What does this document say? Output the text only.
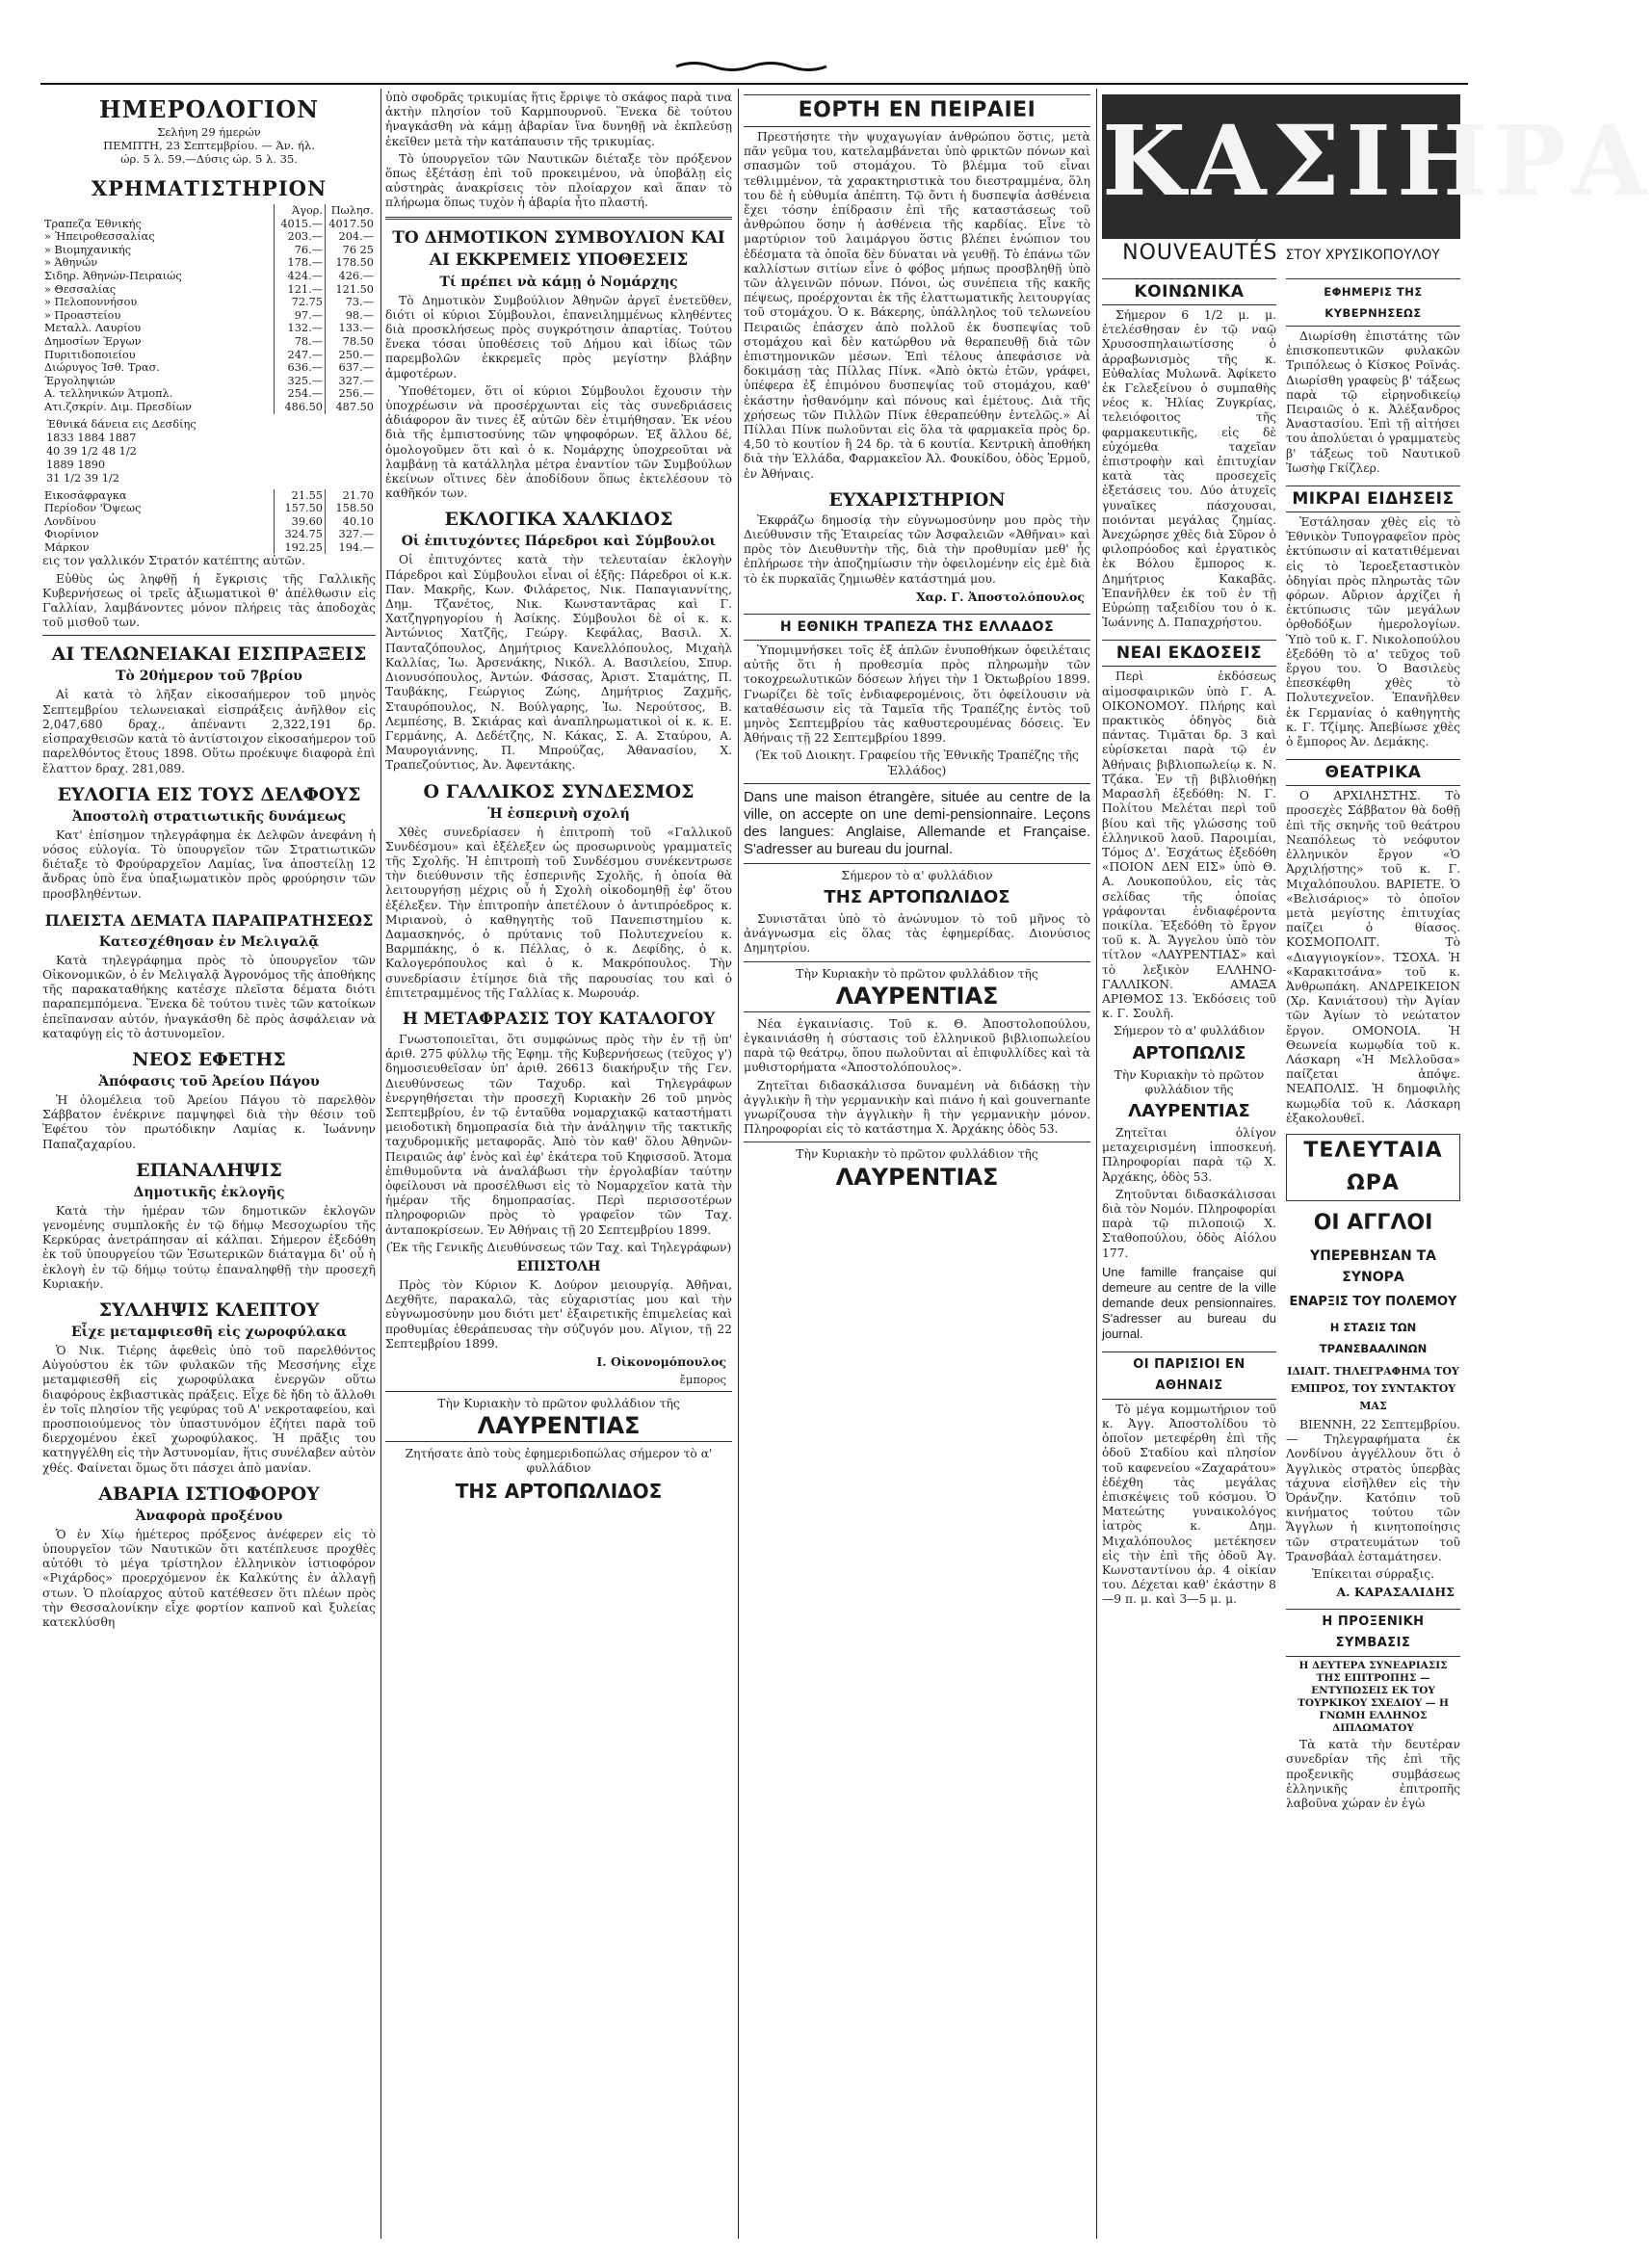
ΗΜΕΡΟΛΟΓΙΟΝ

Σελήνη 29 ήμερών

ΠΕΜΠΤΗ, 23 Σεπτεμβρίου. — Άν. ήλ.

ώρ. 5 λ. 59.—Δύσις ώρ. 5 λ. 35.

ΧΡΗΜΑΤΙΣΤΗΡΙΟΝ
	Άγορ.	Πωλησ.
Τραπεζα Έθνικής	4015.—	4017.50
» Ήπειροθεσσαλίας	203.—	204.—
» Βιομηχανικής	76.—	76 25
» Άθηνών	178.—	178.50
Σιδηρ. Άθηνών-Πειραιώς	424.—	426.—
» Θεσσαλίας	121.—	121.50
» Πελοποννήσου	72.75	73.—
» Προαστείου	97.—	98.—
Μεταλλ. Λαυρίου	132.—	133.—
Δημοσίων Έργων	78.—	78.50
Πυριτιδοποιείου	247.—	250.—
Διώρυγος Ίσθ. Τρασ.	636.—	637.—
Έργοληψιών	325.—	327.—
Α. τελληνικών Άτμοπλ.	254.—	256.—
Ατι.ζσκρίν. Διμ. Πρεσδίων	486.50	487.50
Έθνικά δάνεια εις Δεσδίης
1833 1884 1887
40 39 1/2 48 1/2
1889 1890
31 1/2 39 1/2
Εικοσάφραγκα	21.55	21.70
Περίοδον 'Όψεως	157.50	158.50
Λονδίνου	39.60	40.10
Φιορίνιον	324.75	327.—
Μάρκον	192.25	194.—

εις τον γαλλικόν Στρατόν κατέπτης αὐτῶν.

Εὐθὺς ὡς ληφθῇ ἡ ἔγκρισις τῆς Γαλλικῆς Κυβερνήσεως οἱ τρεῖς ἀξιωματικοὶ θ' ἀπέλθωσιν εἰς Γαλλίαν, λαμβάνοντες μόνον πλήρεις τὰς ἀποδοχὰς τοῦ μισθοῦ των.

ΑΙ ΤΕΛΩΝΕΙΑΚΑΙ ΕΙΣΠΡΑΞΕΙΣ
Τὸ 20ἡμερον τοῦ 7βρίου

Αἱ κατὰ τὸ λῆξαν εἰκοσαήμερον τοῦ μηνὸς Σεπτεμβρίου τελωνειακαὶ εἰσπράξεις ἀνῆλθον εἰς 2,047,680 δραχ., ἀπέναντι 2,322,191 δρ. εἰσπραχθεισῶν κατὰ τὸ ἀντίστοιχον εἰκοσαήμερον τοῦ παρελθόντος ἔτους 1898. Οὕτω προέκυψε διαφορὰ ἐπὶ ἔλαττον δραχ. 281,089.

ΕΥΛΟΓΙΑ ΕΙΣ ΤΟΥΣ ΔΕΛΦΟΥΣ
Ἀποστολὴ στρατιωτικῆς δυνάμεως

Κατ' ἐπίσημον τηλεγράφημα ἐκ Δελφῶν ἀνεφάνη ἡ νόσος εὐλογία. Τὸ ὑπουργεῖον τῶν Στρατιωτικῶν διέταξε τὸ Φρούραρχεῖον Λαμίας, ἵνα ἀποστείλῃ 12 ἄνδρας ὑπὸ ἕνα ὑπαξιωματικὸν πρὸς φρούρησιν τῶν προσβληθέντων.

ΠΛΕΙΣΤΑ ΔΕΜΑΤΑ ΠΑΡΑΠΡΑΤΗΣΕΩΣ
Κατεσχέθησαν ἐν Μελιγαλᾷ

Κατὰ τηλεγράφημα πρὸς τὸ ὑπουργεῖον τῶν Οἰκονομικῶν, ὁ ἐν Μελιγαλᾷ Ἀγρονόμος τῆς ἀποθήκης τῆς παρακαταθήκης κατέσχε πλεῖστα δέματα διότι παραπεμπόμενα. Ἕνεκα δὲ τούτου τινὲς τῶν κατοίκων ἐπεῖπανσαν αὐτόν, ἠναγκάσθη δὲ πρὸς ἀσφάλειαν νὰ καταφύγῃ εἰς τὸ ἀστυνομεῖον.

ΝΕΟΣ ΕΦΕΤΗΣ
Ἀπόφασις τοῦ Ἀρείου Πάγου

Ἡ ὁλομέλεια τοῦ Ἀρείου Πάγου τὸ παρελθὸν Σάββατον ἐνέκρινε παμψηφεὶ διὰ τὴν θέσιν τοῦ Ἐφέτου τὸν πρωτόδικην Λαμίας κ. Ἰωάννην Παπαζαχαρίου.

ΕΠΑΝΑΛΗΨΙΣ
Δημοτικῆς ἐκλογῆς

Κατὰ τὴν ἡμέραν τῶν δημοτικῶν ἐκλογῶν γενομένης συμπλοκῆς ἐν τῷ δήμῳ Μεσοχωρίου τῆς Κερκύρας ἀνετράπησαν αἱ κάλπαι. Σήμερον ἐξεδόθη ἐκ τοῦ ὑπουργείου τῶν Ἐσωτερικῶν διάταγμα δι' οὗ ἡ ἐκλογὴ ἐν τῷ δήμῳ τούτῳ ἐπαναληφθῇ τὴν προσεχῆ Κυριακήν.

ΣΥΛΛΗΨΙΣ ΚΛΕΠΤΟΥ
Εἶχε μεταμφιεσθῆ εἰς χωροφύλακα

Ὁ Νικ. Τιέρης ἀφεθεὶς ὑπὸ τοῦ παρελθόντος Αὐγούστου ἐκ τῶν φυλακῶν τῆς Μεσσήνης εἶχε μεταμφιεσθῆ εἰς χωροφύλακα ἐνεργῶν οὕτω διαφόρους ἐκβιαστικὰς πράξεις. Εἶχε δὲ ἤδη τὸ ἄλλοθι ἐν τοῖς πλησίον τῆς γεφύρας τοῦ Α' νεκροταφείου, καὶ προσποιούμενος τὸν ὑπαστυνόμον ἐζήτει παρὰ τοῦ διερχομένου ἐκεῖ χωροφύλακος. Ἡ πρᾶξις του κατηγγέλθη εἰς τὴν Ἀστυνομίαν, ἥτις συνέλαβεν αὐτὸν χθές. Φαίνεται ὅμως ὅτι πάσχει ἀπὸ μανίαν.

ΑΒΑΡΙΑ ΙΣΤΙΟΦΟΡΟΥ
Ἀναφορὰ προξένου

Ὁ ἐν Χίῳ ἡμέτερος πρόξενος ἀνέφερεν εἰς τὸ ὑπουργεῖον τῶν Ναυτικῶν ὅτι κατέπλευσε προχθὲς αὐτόθι τὸ μέγα τρίστηλον ἑλληνικὸν ἱστιοφόρον «Ριχάρδος» προερχόμενον ἐκ Καλκύτης ἐν ἀλλαγῇ στων. Ὁ πλοίαρχος αὐτοῦ κατέθεσεν ὅτι πλέων πρὸς τὴν Θεσσαλονίκην εἶχε φορτίον καπνοῦ καὶ ξυλείας κατεκλύσθη

ὑπὸ σφοδρᾶς τρικυμίας ἥτις ἔρριψε τὸ σκάφος παρὰ τινα ἀκτὴν πλησίον τοῦ Καρμπουρνοῦ. Ἕνεκα δὲ τούτου ἠναγκάσθη νὰ κάμῃ ἀβαρίαν ἵνα δυνηθῇ νὰ ἐκπλεύσῃ ἐκεῖθεν μετὰ τὴν κατάπαυσιν τῆς τρικυμίας.

Τὸ ὑπουργεῖον τῶν Ναυτικῶν διέταξε τὸν πρόξενον ὅπως ἐξέτάσῃ ἐπὶ τοῦ προκειμένου, νὰ ὑποβάλῃ εἰς αὐστηρὰς ἀνακρίσεις τὸν πλοίαρχον καὶ ἅπαν τὸ πλήρωμα ὅπως τυχὸν ἡ ἀβαρία ἦτο πλαστή.

ΤΟ ΔΗΜΟΤΙΚΟΝ ΣΥΜΒΟΥΛΙΟΝ ΚΑΙ ΑΙ ΕΚΚΡΕΜΕΙΣ ΥΠΟΘΕΣΕΙΣ
Τί πρέπει νὰ κάμῃ ὁ Νομάρχης

Τὸ Δημοτικὸν Συμβούλιον Ἀθηνῶν ἀργεῖ ἐνετεῦθεν, διότι οἱ κύριοι Σύμβουλοι, ἐπανειλημμένως κληθέντες διὰ προσκλήσεως πρὸς συγκρότησιν ἀπαρτίας. Τούτου ἕνεκα τόσαι ὑποθέσεις τοῦ Δήμου καὶ ἰδίως τῶν παρεμβολῶν ἐκκρεμεῖς πρὸς μεγίστην βλάβην ἀμφοτέρων.

Ὑποθέτομεν, ὅτι οἱ κύριοι Σύμβουλοι ἔχουσιν τὴν ὑποχρέωσιν νὰ προσέρχωνται εἰς τὰς συνεδριάσεις ἀδιάφορον ἂν τινες ἐξ αὐτῶν δὲν ἐτιμήθησαν. Ἐκ νέου διὰ τῆς ἐμπιστοσύνης τῶν ψηφοφόρων. Ἐξ ἄλλου δέ, ὁμολογοῦμεν ὅτι καὶ ὁ κ. Νομάρχης ὑποχρεοῦται νὰ λαμβάνῃ τὰ κατάλληλα μέτρα ἐναντίον τῶν Συμβούλων ἐκείνων οἵτινες δὲν ἀποδίδουν ὅπως ἐκτελέσουν τὸ καθῆκόν των.

ΕΚΛΟΓΙΚΑ ΧΑΛΚΙΔΟΣ
Οἱ ἐπιτυχόντες Πάρεδροι καὶ Σύμβουλοι

Οἱ ἐπιτυχόντες κατὰ τὴν τελευταίαν ἐκλογὴν Πάρεδροι καὶ Σύμβουλοι εἶναι οἱ ἑξῆς: Πάρεδροι οἱ κ.κ. Παν. Μακρῆς, Κων. Φιλάρετος, Νικ. Παπαγιαννίτης, Δημ. Τζανέτος, Νικ. Κωνσταντᾶρας καὶ Γ. Χατζηγρηγορίου ἡ Ἀσίκης. Σύμβουλοι δὲ οἱ κ. κ. Ἀντώνιος Χατζῆς, Γεώργ. Κεφάλας, Βασιλ. Χ. Πανταζόπουλος, Δημήτριος Κανελλόπουλος, Μιχαὴλ Καλλίας, Ἰω. Ἀρσενάκης, Νικόλ. Α. Βασιλείου, Σπυρ. Διονυσόπουλος, Ἀντών. Φάσσας, Ἀριστ. Σταμάτης, Π. Ταυβάκης, Γεώργιος Ζώης, Δημήτριος Ζαχμῆς, Σταυρόπουλος, Ν. Βούλγαρης, Ἰω. Νερούτσος, Β. Λεμπέσης, Β. Σκιάρας καὶ ἀναπληρωματικοὶ οἱ κ. κ. Ε. Γερμάνης, Α. Δεδέτζης, Ν. Κάκας, Σ. Α. Σταύρου, Α. Μαυρογιάννης, Π. Μπρούζας, Ἀθανασίου, Χ. Τραπεζούντιος, Ἀν. Ἀφεντάκης.

Ο ΓΑΛΛΙΚΟΣ ΣΥΝΔΕΣΜΟΣ
Ἡ ἑσπερινὴ σχολή

Χθὲς συνεδρίασεν ἡ ἐπιτροπὴ τοῦ «Γαλλικοῦ Συνδέσμου» καὶ ἐξέλεξεν ὡς προσωρινοὺς γραμματεῖς τῆς Σχολῆς. Ἡ ἐπιτροπὴ τοῦ Συνδέσμου συνέκεντρωσε τὴν διεύθυνσιν τῆς ἑσπερινῆς Σχολῆς, ἡ ὁποία θὰ λειτουργήσῃ μέχρις οὗ ἡ Σχολὴ οἰκοδομηθῇ ἐφ' ὅτου ἐξέλεξεν. Τὴν ἐπιτροπὴν ἀπετέλουν ὁ ἀντιπρόεδρος κ. Μιριανοὺ, ὁ καθηγητὴς τοῦ Πανεπιστημίου κ. Δαμασκηνός, ὁ πρύτανις τοῦ Πολυτεχνείου κ. Βαρμπάκης, ὁ κ. Πέλλας, ὁ κ. Δεφίδης, ὁ κ. Καλογερόπουλος καὶ ὁ κ. Μακρόπουλος. Τὴν συνεδρίασιν ἐτίμησε διὰ τῆς παρουσίας του καὶ ὁ ἐπιτετραμμένος τῆς Γαλλίας κ. Μωρουάρ.

Η ΜΕΤΑΦΡΑΣΙΣ ΤΟΥ ΚΑΤΑΛΟΓΟΥ

Γνωστοποιεῖται, ὅτι συμφώνως πρὸς τὴν ἐν τῇ ὑπ' ἀριθ. 275 φύλλῳ τῆς Ἐφημ. τῆς Κυβερνήσεως (τεῦχος γ') δημοσιευθεῖσαν ὑπ' ἀριθ. 26613 διακήρυξιν τῆς Γεν. Διευθύνσεως τῶν Ταχυδρ. καὶ Τηλεγράφων ἐνεργηθήσεται τὴν προσεχῆ Κυριακὴν 26 τοῦ μηνὸς Σεπτεμβρίου, ἐν τῷ ἐνταῦθα νομαρχιακῷ καταστήματι μειοδοτικὴ δημοπρασία διὰ τὴν ἀνάληψιν τῆς τακτικῆς ταχυδρομικῆς μεταφορᾶς. Ἀπὸ τὸν καθ' ὅλου Ἀθηνῶν-Πειραιῶς ἀφ' ἑνὸς καὶ ἐφ' ἑκάτερα τοῦ Κηφισσοῦ. Ἄτομα ἐπιθυμοῦντα νὰ ἀναλάβωσι τὴν ἐργολαβίαν ταύτην ὀφείλουσι νὰ προσέλθωσι εἰς τὸ Νομαρχεῖον κατὰ τὴν ἡμέραν τῆς δημοπρασίας. Περὶ περισσοτέρων πληροφοριῶν πρὸς τὸ γραφεῖον τῶν Ταχ. ἀνταποκρίσεων. Ἐν Ἀθήναις τῇ 20 Σεπτεμβρίου 1899.

(Ἐκ τῆς Γενικῆς Διευθύνσεως τῶν Ταχ. καὶ Τηλεγράφων)

ΕΠΙΣΤΟΛΗ

Πρὸς τὸν Κύριον Κ. Δούρον μειουργίᾳ. Ἀθῆναι, Δεχθῆτε, παρακαλῶ, τὰς εὐχαριστίας μου καὶ τὴν εὐγνωμοσύνην μου διότι μετ' ἐξαιρετικῆς ἐπιμελείας καὶ προθυμίας ἐθεράπευσας τὴν σύζυγόν μου. Αἴγιον, τῇ 22 Σεπτεμβρίου 1899.

Ι. Οἰκονομόπουλος
ἔμπορος

Τὴν Κυριακὴν τὸ πρῶτον φυλλάδιον τῆς

ΛΑΥΡΕΝΤΙΑΣ

Ζητήσατε ἀπὸ τοὺς ἐφημεριδοπώλας σήμερον τὸ α' φυλλάδιον

ΤΗΣ ΑΡΤΟΠΩΛΙΔΟΣ
ΕΟΡΤΗ ΕΝ ΠΕΙΡΑΙΕΙ

Πρεστήσητε τὴν ψυχαγωγίαν ἀνθρώπου ὅστις, μετὰ πᾶν γεῦμα του, κατελαμβάνεται ὑπὸ φρικτῶν πόνων καὶ σπασμῶν τοῦ στομάχου. Τὸ βλέμμα τοῦ εἶναι τεθλιμμένον, τὰ χαρακτηριστικὰ του διεστραμμένα, ὅλη του δὲ ἡ εὐθυμία ἀπέπτη. Τῷ ὄντι ἡ δυσπεψία ἀσθένεια ἔχει τόσην ἐπίδρασιν ἐπὶ τῆς καταστάσεως τοῦ ἀνθρώπου ὅσην ἡ ἀσθένεια τῆς καρδίας. Εἶνε τὸ μαρτύριον τοῦ λαιμάργου ὅστις βλέπει ἐνώπιον του ἐδέσματα τὰ ὁποῖα δὲν δύναται νὰ γευθῇ. Τὸ ἐπάνω τῶν καλλίστων σιτίων εἶνε ὁ φόβος μήπως προσβληθῇ ὑπὸ τῶν ἀλγεινῶν πόνων. Πόνοι, ὡς συνέπεια τῆς κακῆς πέψεως, προέρχονται ἐκ τῆς ἐλαττωματικῆς λειτουργίας τοῦ στομάχου. Ὁ κ. Βάκερης, ὑπάλληλος τοῦ τελωνείου Πειραιῶς ἐπάσχεν ἀπὸ πολλοῦ ἐκ δυσπεψίας τοῦ στομάχου καὶ δὲν κατώρθου νὰ θεραπευθῇ διὰ τῶν ἐπιστημονικῶν μέσων. Ἐπὶ τέλους ἀπεφάσισε νὰ δοκιμάσῃ τὰς Πίλλας Πίνκ. «Ἀπὸ ὀκτὼ ἐτῶν, γράφει, ὑπέφερα ἐξ ἐπιμόνου δυσπεψίας τοῦ στομάχου, καθ' ἑκάστην ἠσθανόμην καὶ πόνους καὶ ἐμέτους. Διὰ τῆς χρήσεως τῶν Πιλλῶν Πίνκ ἐθεραπεύθην ἐντελῶς.» Αἱ Πίλλαι Πίνκ πωλοῦνται εἰς ὅλα τὰ φαρμακεῖα πρὸς δρ. 4,50 τὸ κουτίον ἢ 24 δρ. τὰ 6 κουτία. Κεντρικὴ ἀποθήκη διὰ τὴν Ἑλλάδα, Φαρμακεῖον Ἀλ. Φουκίδου, ὁδὸς Ἑρμοῦ, ἐν Ἀθήναις.

ΕΥΧΑΡΙΣΤΗΡΙΟΝ

Ἐκφράζω δημοσίᾳ τὴν εὐγνωμοσύνην μου πρὸς τὴν Διεύθυνσιν τῆς Ἑταιρείας τῶν Ἀσφαλειῶν «Ἀθῆναι» καὶ πρὸς τὸν Διευθυντὴν τῆς, διὰ τὴν προθυμίαν μεθ' ἧς ἐπλήρωσε τὴν ἀποζημίωσιν τὴν ὁφειλομένην εἰς ἐμὲ διὰ τὸ ἐκ πυρκαϊᾶς ζημιωθὲν κατάστημά μου.

Χαρ. Γ. Ἀποστολόπουλος
Η ΕΘΝΙΚΗ ΤΡΑΠΕΖΑ ΤΗΣ ΕΛΛΑΔΟΣ

Ὑπομιμνήσκει τοῖς ἐξ ἀπλῶν ἐνυποθήκων ὀφειλέταις αὐτῆς ὅτι ἡ προθεσμία πρὸς πληρωμὴν τῶν τοκοχρεωλυτικῶν δόσεων λήγει τὴν 1 Ὀκτωβρίου 1899. Γνωρίζει δὲ τοῖς ἐνδιαφερομένοις, ὅτι ὀφείλουσιν νὰ καταθέσωσιν εἰς τὰ Ταμεῖα τῆς Τραπέζης ἐντὸς τοῦ μηνὸς Σεπτεμβρίου τὰς καθυστερουμένας δόσεις. Ἐν Ἀθήναις τῇ 22 Σεπτεμβρίου 1899.

(Ἐκ τοῦ Διοικητ. Γραφείου τῆς Ἐθνικῆς Τραπέζης τῆς Ἑλλάδος)

Dans une maison étrangère, située au centre de la ville, on accepte on une demi-pensionnaire. Leçons des langues: Anglaise, Allemande et Française. S'adresser au bureau du journal.

Σήμερον τὸ α' φυλλάδιον

ΤΗΣ ΑΡΤΟΠΩΛΙΔΟΣ

Συνιστᾶται ὑπὸ τὸ ἀνώνυμον τὸ τοῦ μῆνος τὸ ἀνάγνωσμα εἰς ὅλας τὰς ἐφημερίδας. Διονύσιος Δημητρίου.

Τὴν Κυριακὴν τὸ πρῶτον φυλλάδιον τῆς

ΛΑΥΡΕΝΤΙΑΣ

Νέα ἐγκαινίασις. Τοῦ κ. Θ. Ἀποστολοπούλου, ἐγκαινιάσθη ἡ σύστασις τοῦ ἑλληνικοῦ βιβλιοπωλείου παρὰ τῷ θεάτρῳ, ὅπου πωλοῦνται αἱ ἐπιφυλλίδες καὶ τὰ μυθιστορήματα «Ἀποστολόπουλος».

Ζητεῖται διδασκάλισσα δυναμένη νὰ διδάσκῃ τὴν ἀγγλικὴν ἢ τὴν γερμανικὴν καὶ πιάνο ἡ καὶ gouvernante γνωρίζουσα τὴν ἀγγλικὴν ἢ τὴν γερμανικὴν μόνον. Πληροφορίαι εἰς τὸ κατάστημα Χ. Ἀρχάκης ὁδὸς 53.

Τὴν Κυριακὴν τὸ πρῶτον φυλλάδιον τῆς

ΛΑΥΡΕΝΤΙΑΣ
ΚΑΣΙΗΡΑ
NOUVEAUTÉS ΣΤΟΥ ΧΡΥΣΙΚΟΠΟΥΛΟΥ
ΚΟΙΝΩΝΙΚΑ

Σήμερον 6 1/2 μ. μ. ἐτελέσθησαν ἐν τῷ ναῷ Χρυσοσπηλαιωτίσσης ὁ ἀρραβωνισμὸς τῆς κ. Εὐθαλίας Μυλωνᾶ. Ἀφίκετο ἐκ Γελεξείνου ὁ συμπαθὴς νέος κ. Ἠλίας Ζυγκρίας, τελειόφοιτος τῆς φαρμακευτικῆς, εἰς δὲ εὐχόμεθα ταχεῖαν ἐπιστροφὴν καὶ ἐπιτυχίαν κατὰ τὰς προσεχεῖς ἐξετάσεις του. Δύο ἀτυχεῖς γυναῖκες πάσχουσαι, ποιόνται μεγάλας ζημίας. Ἀνεχώρησε χθὲς διὰ Σῦρον ὁ φιλοπρόοδος καὶ ἐργατικὸς ἐκ Βόλου ἔμπορος κ. Δημήτριος Κακαβᾶς. Ἐπανῆλθεν ἐκ τοῦ ἐν τῇ Εὐρώπῃ ταξειδίου του ὁ κ. Ἰωάννης Δ. Παπαχρήστου.

ΝΕΑΙ ΕΚΔΟΣΕΙΣ

Περὶ ἐκδόσεως αἰμοσφαιρικῶν ὑπὸ Γ. Α. ΟΙΚΟΝΟΜΟΥ. Πλήρης καὶ πρακτικὸς ὁδηγὸς διὰ πάντας. Τιμᾶται δρ. 3 καὶ εὑρίσκεται παρὰ τῷ ἐν Ἀθήναις βιβλιοπωλείῳ κ. Ν. Τζάκα. Ἐν τῇ βιβλιοθήκῃ Μαρασλῆ ἐξεδόθη: Ν. Γ. Πολίτου Μελέται περὶ τοῦ βίου καὶ τῆς γλώσσης τοῦ ἑλληνικοῦ λαοῦ. Παροιμίαι, Τόμος Δ'. Ἐσχάτως ἐξεδόθη «ΠΟΙΟΝ ΔΕΝ ΕΙΣ» ὑπὸ Θ. Α. Λουκοπούλου, εἰς τὰς σελίδας τῆς ὁποίας γράφονται ἐνδιαφέροντα ποικίλα. Ἐξεδόθη τὸ ἔργον τοῦ κ. Ἀ. Ἄγγελου ὑπὸ τὸν τίτλον «ΛΑΥΡΕΝΤΙΑΣ» καὶ τὸ λεξικὸν ΕΛΛΗΝΟ-ΓΑΛΛΙΚΟΝ. ΑΜΑΞΑ ΑΡΙΘΜΟΣ 13. Ἐκδόσεις τοῦ κ. Γ. Σουλῆ.

Σήμερον τὸ α' φυλλάδιον

ΑΡΤΟΠΩΛΙΣ

Τὴν Κυριακὴν τὸ πρῶτον φυλλάδιον τῆς

ΛΑΥΡΕΝΤΙΑΣ

Ζητεῖται ὁλίγον μεταχειρισμένη ἱπποσκευή. Πληροφορίαι παρὰ τῷ Χ. Ἀρχάκης, ὁδὸς 53.

Ζητοῦνται διδασκάλισσαι διὰ τὸν Νομόν. Πληροφορίαι παρὰ τῷ πιλοποιῷ Χ. Σταθοπούλου, ὁδὸς Αἰόλου 177.

Une famille française qui demeure au centre de la ville demande deux pensionnaires. S'adresser au bureau du journal.

ΟΙ ΠΑΡΙΣΙΟΙ ΕΝ ΑΘΗΝΑΙΣ

Τὸ μέγα κομμωτήριον τοῦ κ. Ἀγγ. Ἀποστολίδου τὸ ὁποῖον μετεφέρθη ἐπὶ τῆς ὁδοῦ Σταδίου καὶ πλησίον τοῦ καφενείου «Ζαχαράτου» ἐδέχθη τὰς μεγάλας ἐπισκέψεις τοῦ κόσμου. Ὁ Ματεώτης γυναικολόγος ἰατρὸς κ. Δημ. Μιχαλόπουλος μετέκησεν εἰς τὴν ἐπὶ τῆς ὁδοῦ Ἀγ. Κωνσταντίνου ἀρ. 4 οἰκίαν του. Δέχεται καθ' ἑκάστην 8—9 π. μ. καὶ 3—5 μ. μ.

ΕΦΗΜΕΡΙΣ ΤΗΣ ΚΥΒΕΡΝΗΣΕΩΣ

Διωρίσθη ἐπιστάτης τῶν ἐπισκοπευτικῶν φυλακῶν Τριπόλεως ὁ Κίσκος Ροϊνάς. Διωρίσθη γραφεὺς β' τάξεως παρὰ τῷ εἰρηνοδικείῳ Πειραιῶς ὁ κ. Ἀλέξανδρος Ἀναστασίου. Ἐπὶ τῇ αἰτήσει του ἀπολύεται ὁ γραμματεὺς β' τάξεως τοῦ Ναυτικοῦ Ἰωσὴφ Γκίζλερ.

ΜΙΚΡΑΙ ΕΙΔΗΣΕΙΣ

Ἐστάλησαν χθὲς εἰς τὸ Ἐθνικὸν Τυπογραφεῖον πρὸς ἐκτύπωσιν αἱ κατατιθέμεναι εἰς τὸ Ἱεροεξεταστικὸν ὀδηγίαι πρὸς πληρωτὰς τῶν φόρων. Αὔριον ἀρχίζει ἡ ἐκτύπωσις τῶν μεγάλων ὀρθοδόξων ἡμερολογίων. Ὑπὸ τοῦ κ. Γ. Νικολοπούλου ἐξεδόθη τὸ α' τεῦχος τοῦ ἔργου του. Ὁ Βασιλεὺς ἐπεσκέφθη χθὲς τὸ Πολυτεχνεῖον. Ἐπανῆλθεν ἐκ Γερμανίας ὁ καθηγητὴς κ. Γ. Τζίμης. Ἀπεβίωσε χθὲς ὁ ἔμπορος Ἀν. Δεμάκης.

ΘΕΑΤΡΙΚΑ

Ο ΑΡΧΙΛΗΣΤΗΣ. Τὸ προσεχὲς Σάββατον θὰ δοθῇ ἐπὶ τῆς σκηνῆς τοῦ θεάτρου Νεαπόλεως τὸ νεόφυτον ἐλληνικὸν ἔργον «Ὁ Ἀρχιλῄστης» τοῦ κ. Γ. Μιχαλόπουλου. ΒΑΡΙΕΤΕ. Ὁ «Βελισάριος» τὸ ὁποῖον μετὰ μεγίστης ἐπιτυχίας παίζει ὁ θίασος. ΚΟΣΜΟΠΟΛΙΤ. Τὸ «Διαγγιογκίον». ΤΣΟΧΑ. Ἡ «Καρακιτσάνα» τοῦ κ. Ἀνθρωπάκη. ΑΝΔΡΕΙΚΕΙΟΝ (Χρ. Κανιάτσου) τὴν Ἀγίαν τῶν Ἀγίων τὸ νεώτατον ἔργον. ΟΜΟΝΟΙΑ. Ἡ Θεωνεία κωμῳδία τοῦ κ. Λάσκαρη «Ἡ Μελλοῦσα» παίζεται ἀπόψε. ΝΕΑΠΟΛΙΣ. Ἡ δημοφιλὴς κωμῳδία τοῦ κ. Λάσκαρη ἐξακολουθεῖ.

ΤΕΛΕΥΤΑΙΑ ΩΡΑ
ΟΙ ΑΓΓΛΟΙ
ΥΠΕΡΕΒΗΣΑΝ ΤΑ ΣΥΝΟΡΑ
ΕΝΑΡΞΙΣ ΤΟΥ ΠΟΛΕΜΟΥ
Η ΣΤΑΣΙΣ ΤΩΝ ΤΡΑΝΣΒΑΑΛΙΝΩΝ
ΙΔΙΑΙΤ. ΤΗΛΕΓΡΑΦΗΜΑ ΤΟΥ ΕΜΠΡΟΣ, ΤΟΥ ΣΥΝΤΑΚΤΟΥ ΜΑΣ

ΒΙΕΝΝΗ, 22 Σεπτεμβρίου. — Τηλεγραφήματα ἐκ Λονδίνου ἀγγέλλουν ὅτι ὁ Ἀγγλικὸς στρατὸς ὑπερβὰς τάχυνα εἰσῆλθεν εἰς τὴν Ὀράνζην. Κατόπιν τοῦ κινήματος τούτου τῶν Ἄγγλων ἡ κινητοποίησις τῶν στρατευμάτων τοῦ Τρανσβάαλ ἐσταμάτησεν.

Ἐπίκειται σύρραξις.

Α. ΚΑΡΑΣΑΛΙΔΗΣ
Η ΠΡΟΞΕΝΙΚΗ ΣΥΜΒΑΣΙΣ
Η ΔΕΥΤΕΡΑ ΣΥΝΕΔΡΙΑΣΙΣ ΤΗΣ ΕΠΙΤΡΟΠΗΣ — ΕΝΤΥΠΩΣΕΙΣ ΕΚ ΤΟΥ ΤΟΥΡΚΙΚΟΥ ΣΧΕΔΙΟΥ — Η ΓΝΩΜΗ ΕΛΛΗΝΟΣ ΔΙΠΛΩΜΑΤΟΥ

Τὰ κατὰ τὴν δευτέραν συνεδρίαν τῆς ἐπὶ τῆς προξενικῆς συμβάσεως ἑλληνικῆς ἐπιτροπῆς λαβοῦνα χώραν ἐν ἐγὼ
